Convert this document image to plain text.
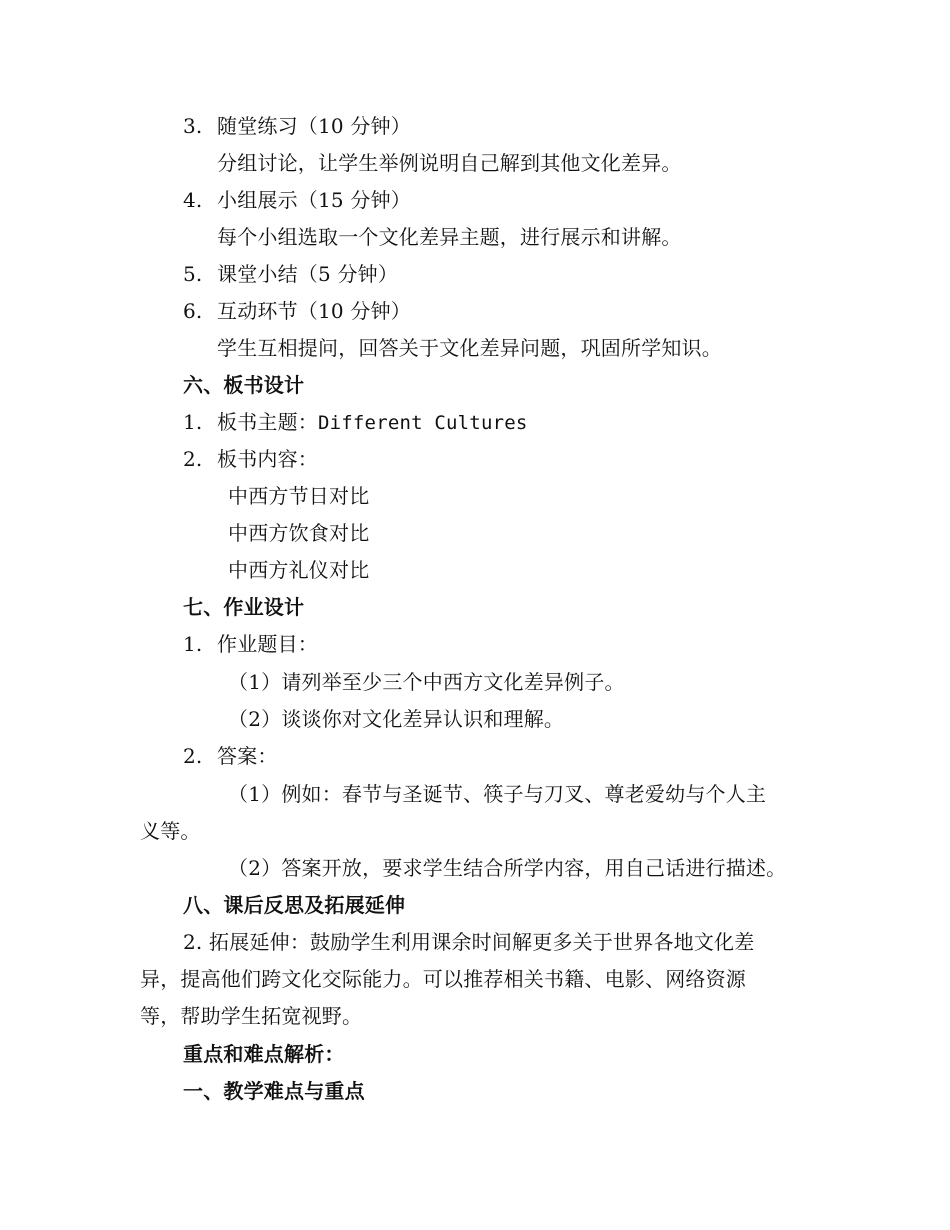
3. 随堂练习（10 分钟）
分组讨论，让学生举例说明自己解到其他文化差异。
4. 小组展示（15 分钟）
每个小组选取一个文化差异主题，进行展示和讲解。
5. 课堂小结（5 分钟）
6. 互动环节（10 分钟）
学生互相提问，回答关于文化差异问题，巩固所学知识。
六、板书设计
1. 板书主题：Different Cultures
2. 板书内容：
中西方节日对比
中西方饮食对比
中西方礼仪对比
七、作业设计
1. 作业题目：
（1）请列举至少三个中西方文化差异例子。
（2）谈谈你对文化差异认识和理解。
2. 答案：
（1）例如：春节与圣诞节、筷子与刀叉、尊老爱幼与个人主
义等。
（2）答案开放，要求学生结合所学内容，用自己话进行描述。
八、课后反思及拓展延伸
2. 拓展延伸：鼓励学生利用课余时间解更多关于世界各地文化差
异，提高他们跨文化交际能力。可以推荐相关书籍、电影、网络资源
等，帮助学生拓宽视野。
重点和难点解析：
一、教学难点与重点
